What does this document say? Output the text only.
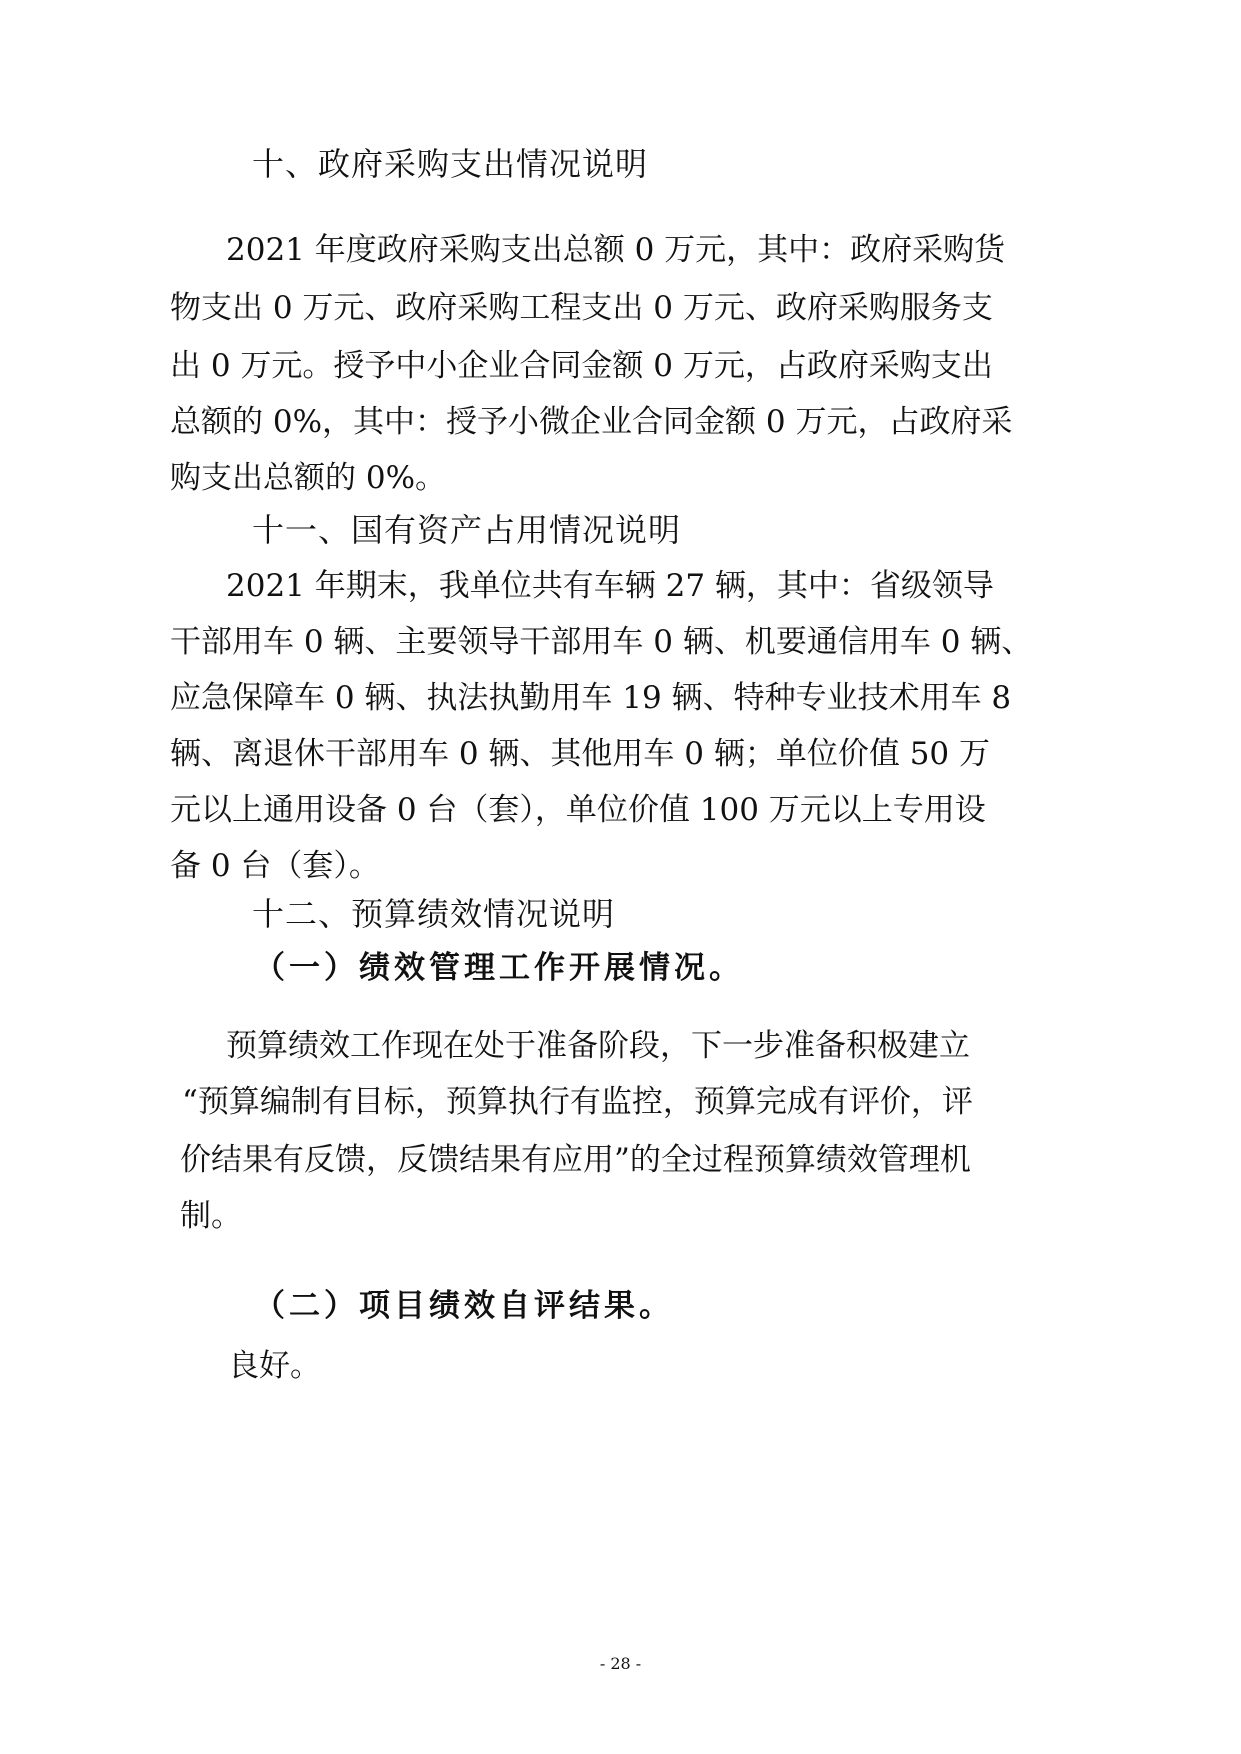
十、政府采购支出情况说明
2021 年度政府采购支出总额 0 万元，其中：政府采购货
物支出 0 万元、政府采购工程支出 0 万元、政府采购服务支
出 0 万元。授予中小企业合同金额 0 万元，占政府采购支出
总额的 0%，其中：授予小微企业合同金额 0 万元，占政府采
购支出总额的 0%。
十一、国有资产占用情况说明
2021 年期末，我单位共有车辆 27 辆，其中：省级领导
干部用车 0 辆、主要领导干部用车 0 辆、机要通信用车 0 辆、
应急保障车 0 辆、执法执勤用车 19 辆、特种专业技术用车 8
辆、离退休干部用车 0 辆、其他用车 0 辆；单位价值 50 万
元以上通用设备 0 台（套），单位价值 100 万元以上专用设
备 0 台（套）。
十二、预算绩效情况说明
（一）绩效管理工作开展情况。
预算绩效工作现在处于准备阶段，下一步准备积极建立
“预算编制有目标，预算执行有监控，预算完成有评价，评
价结果有反馈，反馈结果有应用”的全过程预算绩效管理机
制。
（二）项目绩效自评结果。
良好。
- 28 -
